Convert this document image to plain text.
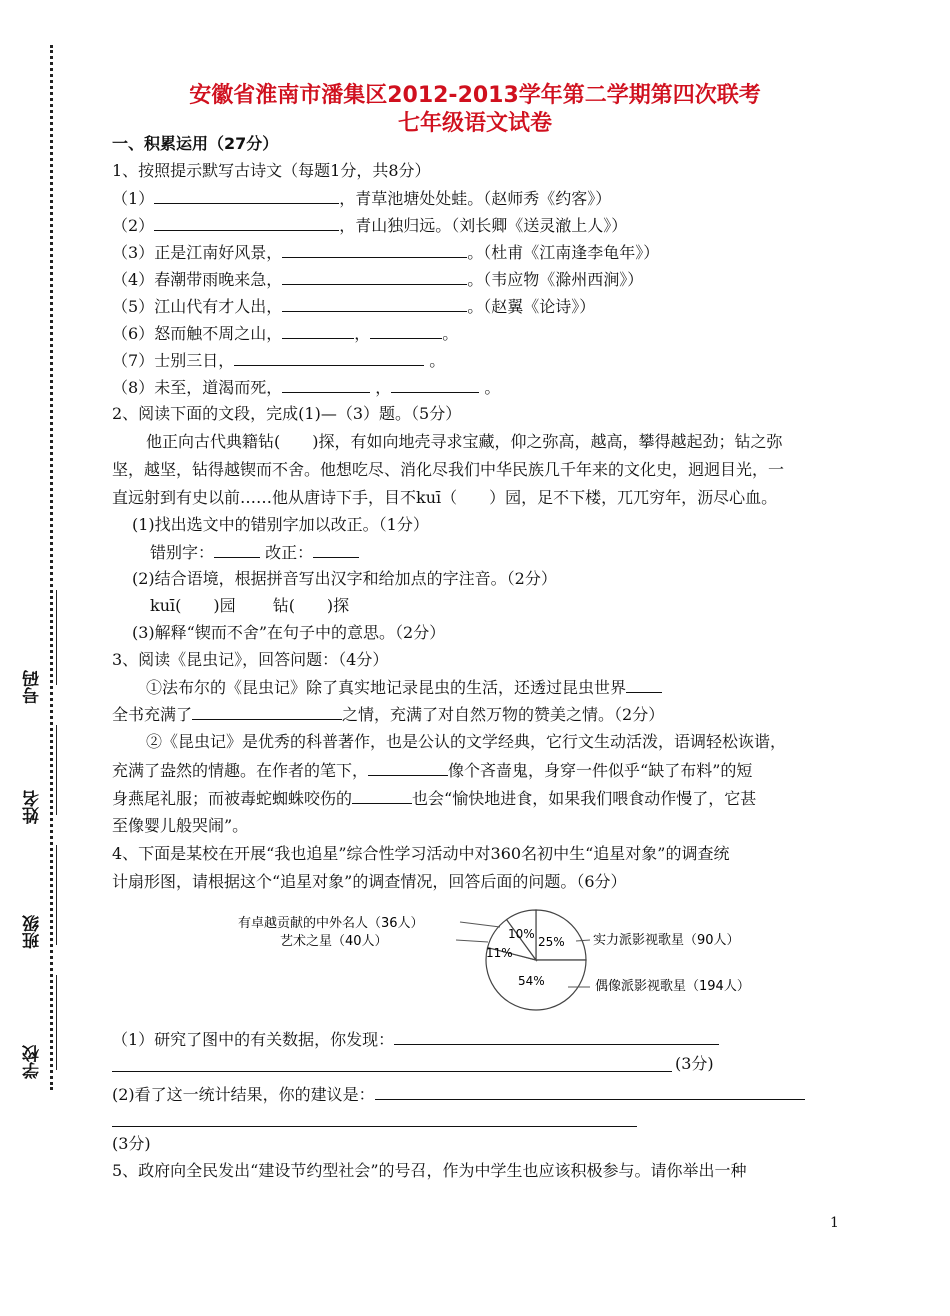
号码
姓名
班级
学校
安徽省淮南市潘集区2012-2013学年第二学期第四次联考
七年级语文试卷
一、积累运用（27分）
1、按照提示默写古诗文（每题1分，共8分）
（1）	，青草池塘处处蛙。（赵师秀《约客》）
（2）	，青山独归远。（刘长卿《送灵澈上人》）
（3）正是江南好风景，	。（杜甫《江南逢李龟年》）
（4）春潮带雨晚来急，	。（韦应物《滁州西涧》）
（5）江山代有才人出，	。（赵翼《论诗》）
（6）怒而触不周之山，	，	。
（7）士别三日，	。
（8）未至，道渴而死，	，	。
2、阅读下面的文段，完成(1)—（3）题。（5分）
他正向古代典籍钻(　　)探，有如向地壳寻求宝藏，仰之弥高，越高，攀得越起劲；钻之弥
坚，越坚，钻得越锲而不舍。他想吃尽、消化尽我们中华民族几千年来的文化史，迥迥目光，一
直远射到有史以前……他从唐诗下手，目不kuī（　　）园，足不下楼，兀兀穷年，沥尽心血。
(1)找出选文中的错别字加以改正。（1分）
错别字：	改正：
(2)结合语境，根据拼音写出汉字和给加点的字注音。（2分）
kuī(　　)园　　 钻(　　)探
(3)解释“锲而不舍”在句子中的意思。（2分）
3、阅读《昆虫记》，回答问题：（4分）
①法布尔的《昆虫记》除了真实地记录昆虫的生活，还透过昆虫世界
全书充满了	之情，充满了对自然万物的赞美之情。（2分）
②《昆虫记》是优秀的科普著作，也是公认的文学经典，它行文生动活泼，语调轻松诙谐，
充满了盎然的情趣。在作者的笔下，	像个吝啬鬼，身穿一件似乎“缺了布料”的短
身燕尾礼服；而被毒蛇蜘蛛咬伤的	也会“愉快地进食，如果我们喂食动作慢了，它甚
至像婴儿般哭闹”。
4、下面是某校在开展“我也追星”综合性学习活动中对360名初中生“追星对象”的调查统
计扇形图，请根据这个“追星对象”的调查情况，回答后面的问题。（6分）
有卓越贡献的中外名人（36人）
艺术之星（40人）	实力派影视歌星（90人）
偶像派影视歌星（194人）
10%
11%
25%
54%
（1）研究了图中的有关数据，你发现：
(3分)
(2)看了这一统计结果，你的建议是：
(3分)
5、政府向全民发出“建设节约型社会”的号召，作为中学生也应该积极参与。请你举出一种
1
